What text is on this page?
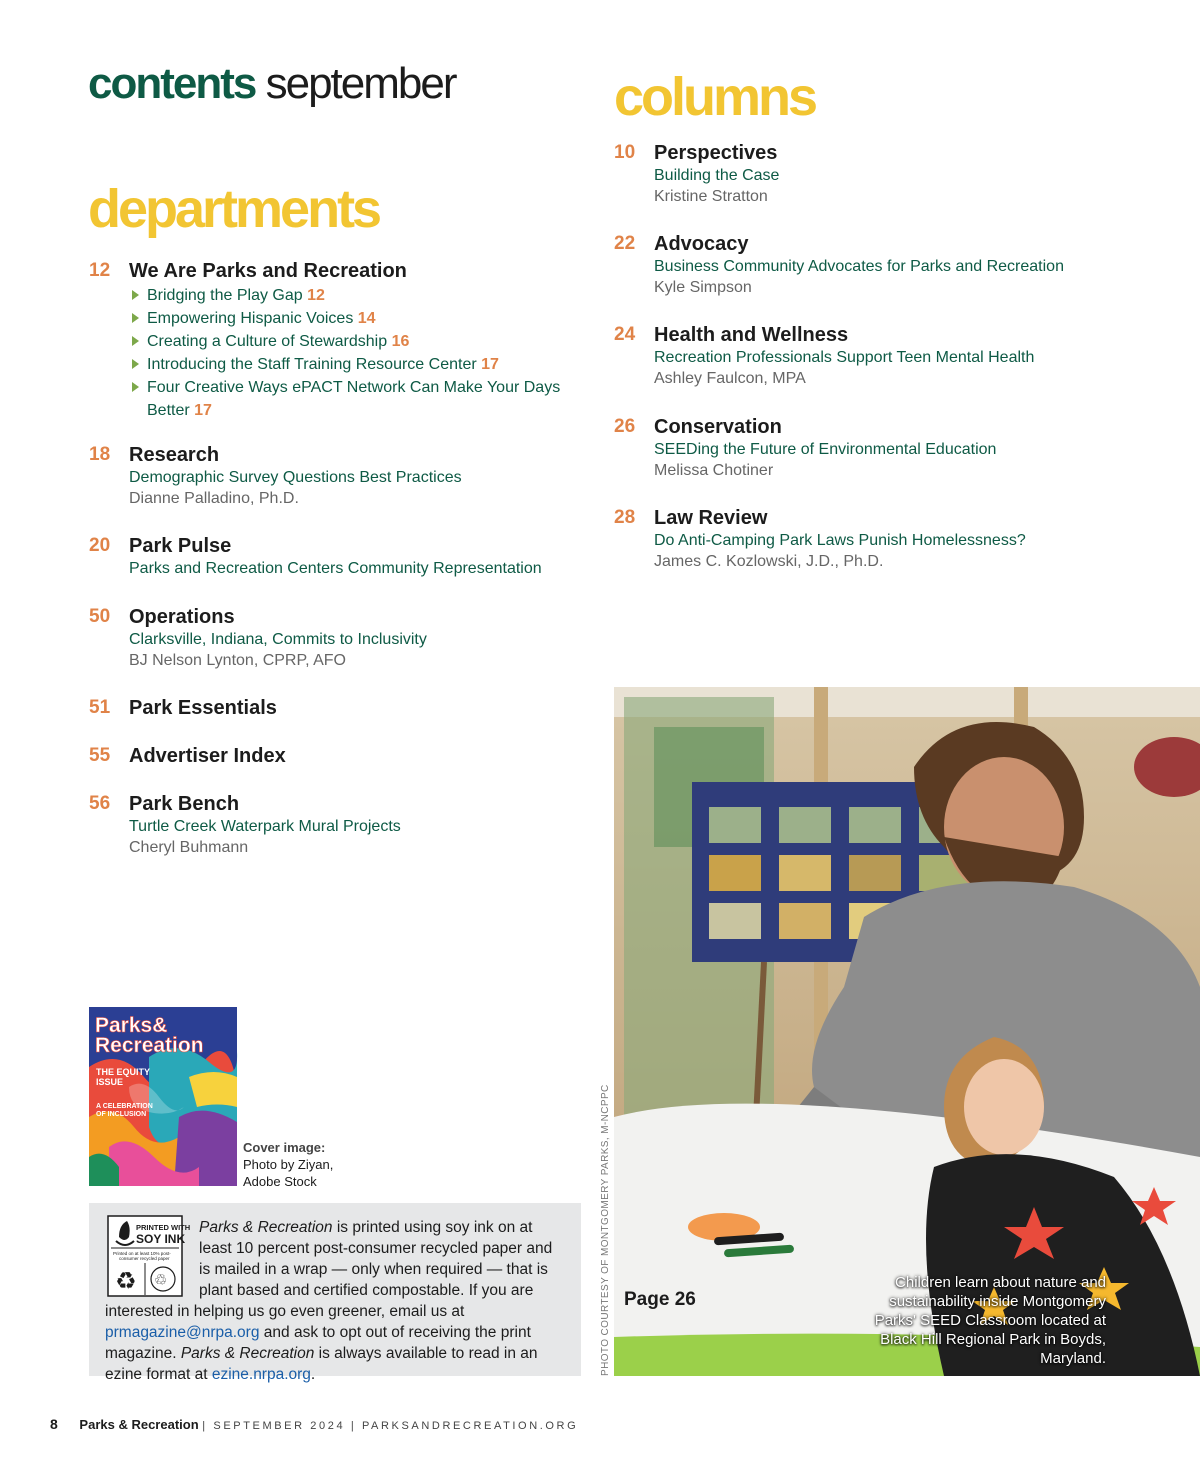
contents september
departments
12 We Are Parks and Recreation
Bridging the Play Gap 12
Empowering Hispanic Voices 14
Creating a Culture of Stewardship 16
Introducing the Staff Training Resource Center 17
Four Creative Ways ePACT Network Can Make Your Days Better 17
18 Research
Demographic Survey Questions Best Practices
Dianne Palladino, Ph.D.
20 Park Pulse
Parks and Recreation Centers Community Representation
50 Operations
Clarksville, Indiana, Commits to Inclusivity
BJ Nelson Lynton, CPRP, AFO
51 Park Essentials
55 Advertiser Index
56 Park Bench
Turtle Creek Waterpark Mural Projects
Cheryl Buhmann
columns
10 Perspectives
Building the Case
Kristine Stratton
22 Advocacy
Business Community Advocates for Parks and Recreation
Kyle Simpson
24 Health and Wellness
Recreation Professionals Support Teen Mental Health
Ashley Faulcon, MPA
26 Conservation
SEEDing the Future of Environmental Education
Melissa Chotiner
28 Law Review
Do Anti-Camping Park Laws Punish Homelessness?
James C. Kozlowski, J.D., Ph.D.
Parks&
Recreation
THE EQUITY
ISSUE
A CELEBRATION
OF INCLUSION
Cover image:
Photo by Ziyan,
Adobe Stock
PRINTED WITH
SOY INK
Printed on at least 10% post-
consumer recycled paper
♻ ♲
Parks & Recreation is printed using soy ink on at least 10 percent post-consumer recycled paper and is mailed in a wrap — only when required — that is plant based and certified compostable. If you are interested in helping us go even greener, email us at prmagazine@nrpa.org and ask to opt out of receiving the print magazine. Parks & Recreation is always available to read in an ezine format at ezine.nrpa.org.	PHOTO COURTESY OF MONTGOMERY PARKS, M-NCPPC Page 26
Children learn about nature and sustainability inside Montgomery Parks' SEED Classroom located at Black Hill Regional Park in Boyds, Maryland.
8 Parks & Recreation | SEPTEMBER 2024 | PARKSANDRECREATION.ORG
